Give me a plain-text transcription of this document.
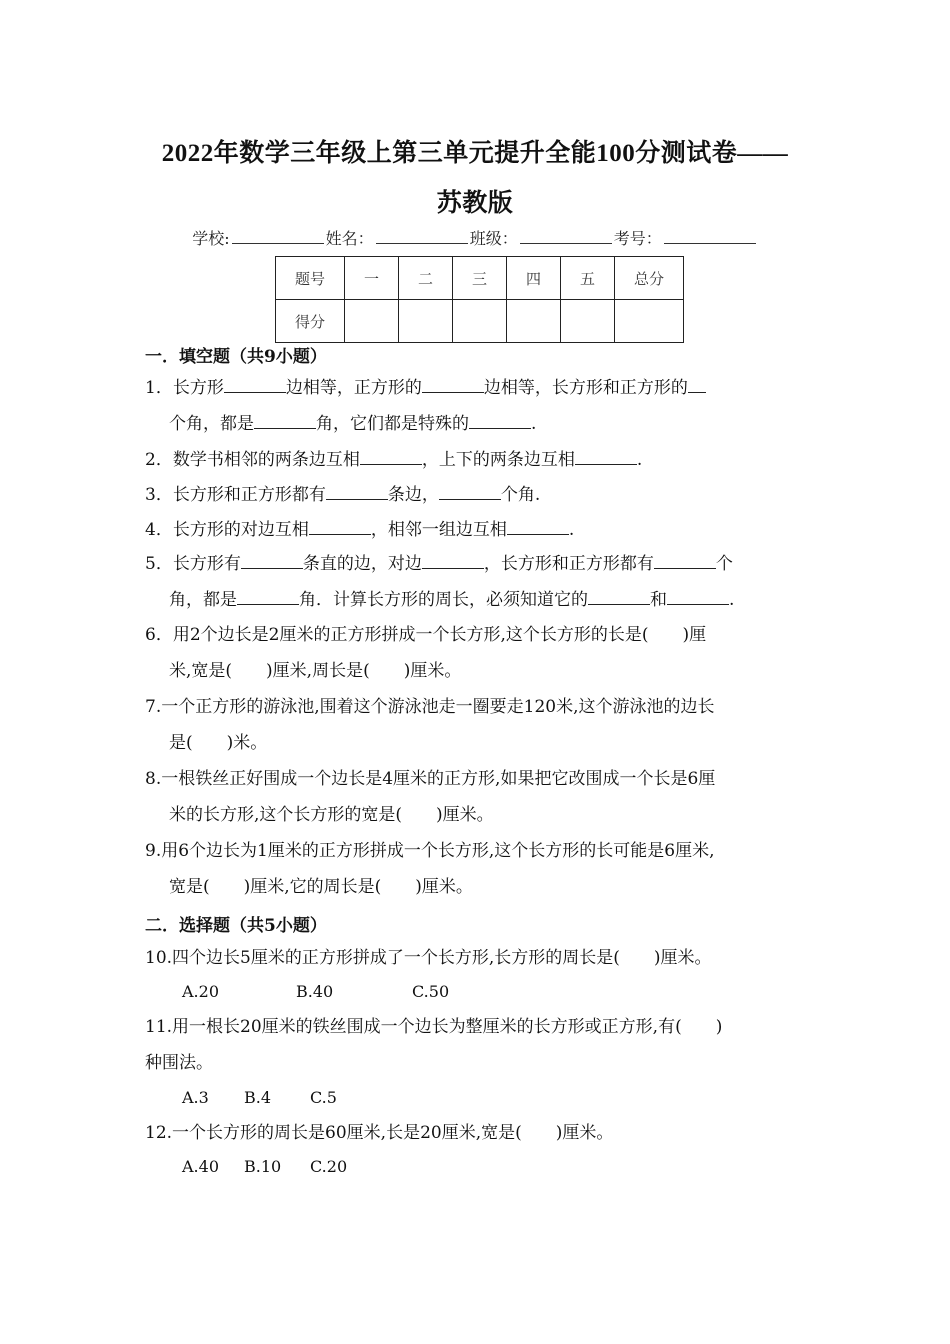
2022年数学三年级上第三单元提升全能100分测试卷——
苏教版
学校:	姓名：	班级：	考号：
题号	一	二	三	四	五	总分
得分						
一．填空题（共9小题）
1．长方形	边相等，正方形的	边相等，长方形和正方形的
个角，都是	角，它们都是特殊的	.
2．数学书相邻的两条边互相	，上下的两条边互相	.
3．长方形和正方形都有	条边，	个角.
4．长方形的对边互相	，相邻一组边互相	.
5．长方形有	条直的边，对边	，长方形和正方形都有	个
角，都是	角．计算长方形的周长，必须知道它的	和	.
6．用2个边长是2厘米的正方形拼成一个长方形,这个长方形的长是(　　)厘
米,宽是(　　)厘米,周长是(　　)厘米。
7.一个正方形的游泳池,围着这个游泳池走一圈要走120米,这个游泳池的边长
是(　　)米。
8.一根铁丝正好围成一个边长是4厘米的正方形,如果把它改围成一个长是6厘
米的长方形,这个长方形的宽是(　　)厘米。
9.用6个边长为1厘米的正方形拼成一个长方形,这个长方形的长可能是6厘米,
宽是(　　)厘米,它的周长是(　　)厘米。
二．选择题（共5小题）
10.四个边长5厘米的正方形拼成了一个长方形,长方形的周长是(　　)厘米。
A.20	B.40	C.50
11.用一根长20厘米的铁丝围成一个边长为整厘米的长方形或正方形,有(　　)
种围法。
A.3 B.4 C.5
12.一个长方形的周长是60厘米,长是20厘米,宽是(　　)厘米。
A.40 B.10 C.20
